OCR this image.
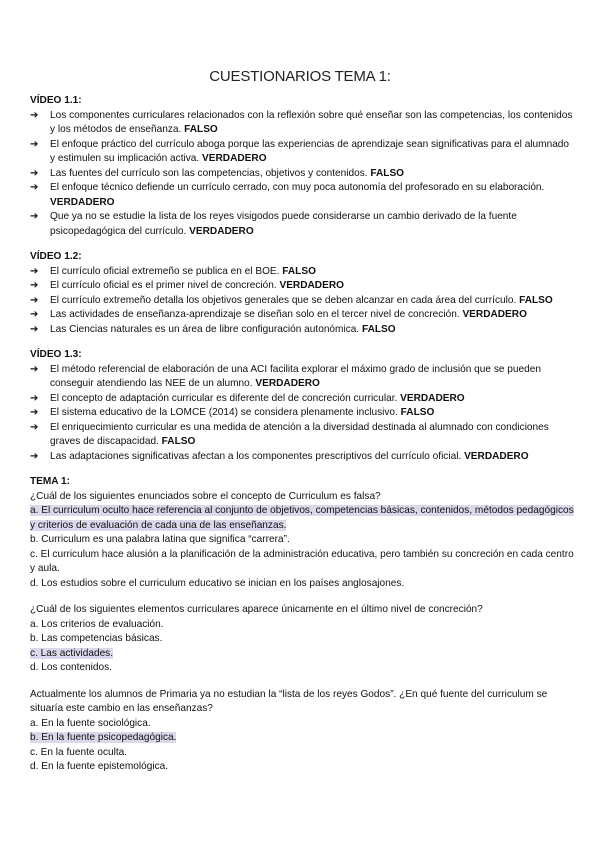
CUESTIONARIOS TEMA 1:

VÍDEO 1.1:

➔	Los componentes curriculares relacionados con la reflexión sobre qué enseñar son las competencias, los contenidos y los métodos de enseñanza. FALSO
➔	El enfoque práctico del currículo aboga porque las experiencias de aprendizaje sean significativas para el alumnado y estimulen su implicación activa. VERDADERO
➔	Las fuentes del currículo son las competencias, objetivos y contenidos. FALSO
➔	El enfoque técnico defiende un currículo cerrado, con muy poca autonomía del profesorado en su elaboración. VERDADERO
➔	Que ya no se estudie la lista de los reyes visigodos puede considerarse un cambio derivado de la fuente psicopedagógica del currículo. VERDADERO

VÍDEO 1.2:

➔	El currículo oficial extremeño se publica en el BOE. FALSO
➔	El currículo oficial es el primer nivel de concreción. VERDADERO
➔	El currículo extremeño detalla los objetivos generales que se deben alcanzar en cada área del currículo. FALSO
➔	Las actividades de enseñanza-aprendizaje se diseñan solo en el tercer nivel de concreción. VERDADERO
➔	Las Ciencias naturales es un área de libre configuración autonómica. FALSO

VÍDEO 1.3:

➔	El método referencial de elaboración de una ACI facilita explorar el máximo grado de inclusión que se pueden conseguir atendiendo las NEE de un alumno. VERDADERO
➔	El concepto de adaptación curricular es diferente del de concreción curricular. VERDADERO
➔	El sistema educativo de la LOMCE (2014) se considera plenamente inclusivo. FALSO
➔	El enriquecimiento curricular es una medida de atención a la diversidad destinada al alumnado con condiciones graves de discapacidad. FALSO
➔	Las adaptaciones significativas afectan a los componentes prescriptivos del currículo oficial. VERDADERO

TEMA 1:

¿Cuál de los siguientes enunciados sobre el concepto de Curriculum es falsa?

a. El curriculum oculto hace referencia al conjunto de objetivos, competencias básicas, contenidos, métodos pedagógicos y criterios de evaluación de cada una de las enseñanzas.

b. Curriculum es una palabra latina que significa “carrera”.

c. El curriculum hace alusión a la planificación de la administración educativa, pero también su concreción en cada centro y aula.

d. Los estudios sobre el curriculum educativo se inician en los países anglosajones.

¿Cuál de los siguientes elementos curriculares aparece únicamente en el último nivel de concreción?

a. Los criterios de evaluación.

b. Las competencias básicas.

c. Las actividades.

d. Los contenidos.

Actualmente los alumnos de Primaria ya no estudian la “lista de los reyes Godos”. ¿En qué fuente del curriculum se situaría este cambio en las enseñanzas?

a. En la fuente sociológica.

b. En la fuente psicopedagógica.

c. En la fuente oculta.

d. En la fuente epistemológica.
